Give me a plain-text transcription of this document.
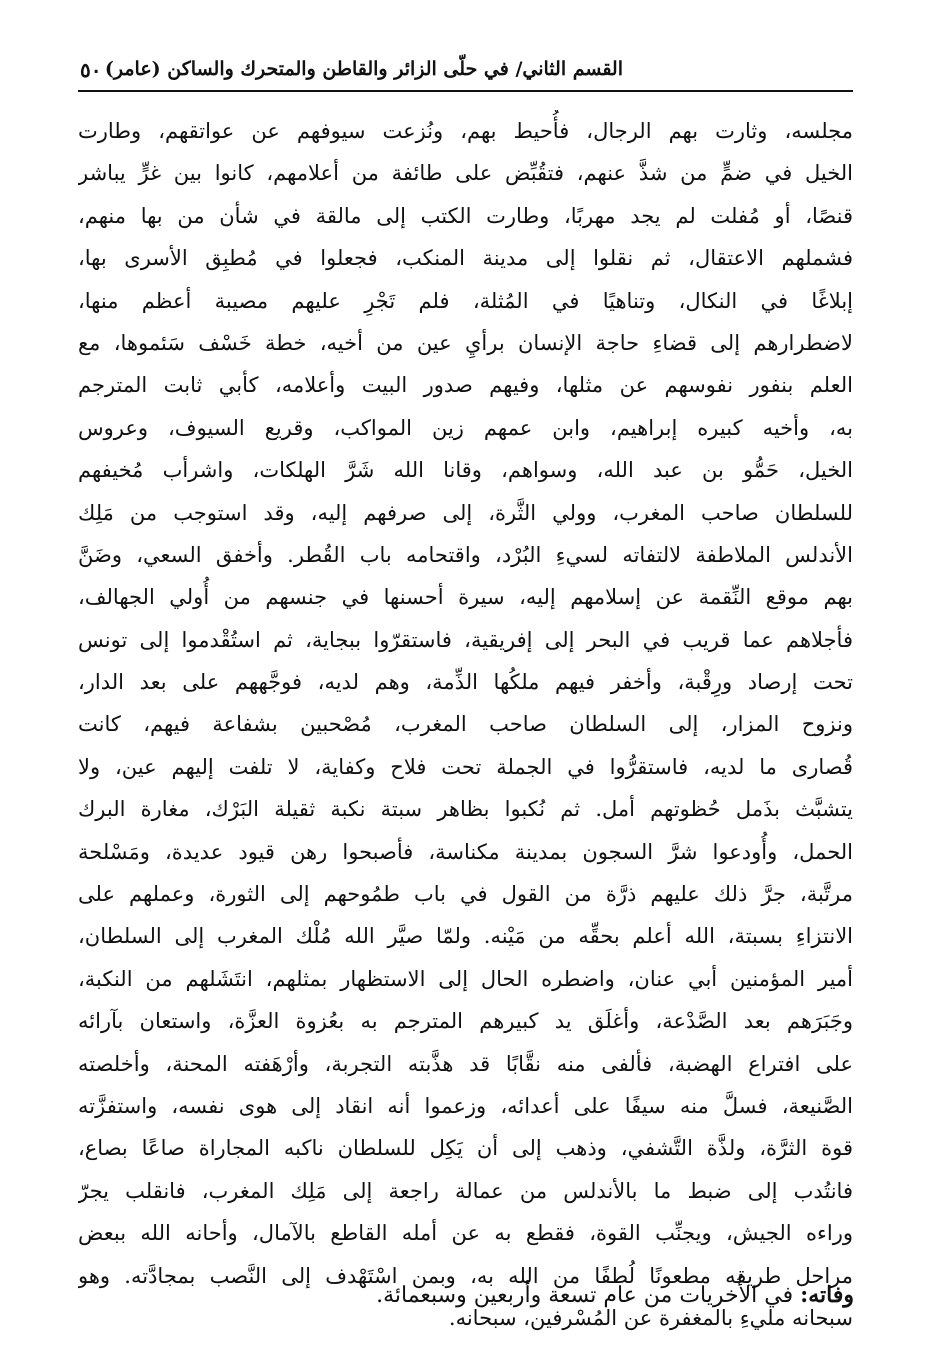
القسم الثاني/ في حلّى الزائر والقاطن والمتحرك والساكن (عامر)
٥٠
مجلسه، وثارت بهم الرجال، فأُحيط بهم، ونُزعت سيوفهم عن عواتقهم، وطارت
الخيل في ضمٍّ من شذَّ عنهم، فتقُبِّض على طائفة من أعلامهم، كانوا بين غرٍّ يباشر
قنصًا، أو مُفلت لم يجد مهربًا، وطارت الكتب إلى مالقة في شأن من بها منهم،
فشملهم الاعتقال، ثم نقلوا إلى مدينة المنكب، فجعلوا في مُطبِق الأسرى بها،
إبلاغًا في النكال، وتناهيًا في المُثلة، فلم تَجْرِ عليهم مصيبة أعظم منها،
لاضطرارهم إلى قضاءِ حاجة الإنسان برأيِ عين من أخيه، خطة خَسْف سَئموها، مع
العلم بنفور نفوسهم عن مثلها، وفيهم صدور البيت وأعلامه، كأبي ثابت المترجم
به، وأخيه كبيره إبراهيم، وابن عمهم زين المواكب، وقريع السيوف، وعروس
الخيل، حَمُّو بن عبد الله، وسواهم، وقانا الله شَرَّ الهلكات، واشرأب مُخيفهم
للسلطان صاحب المغرب، وولي الثَّرة، إلى صرفهم إليه، وقد استوجب من مَلِك
الأندلس الملاطفة لالتفاته لسيءِ البُرْد، واقتحامه باب القُطر. وأخفق السعي، وضَنَّ
بهم موقع النِّقمة عن إسلامهم إليه، سيرة أحسنها في جنسهم من أُولي الجهالف،
فأجلاهم عما قريب في البحر إلى إفريقية، فاستقرّوا ببجاية، ثم استُقْدموا إلى تونس
تحت إرصاد ورِقْبة، وأخفر فيهم ملكُها الذِّمة، وهم لديه، فوجَّههم على بعد الدار،
ونزوح المزار، إلى السلطان صاحب المغرب، مُصْحبين بشفاعة فيهم، كانت
قُصارى ما لديه، فاستقرُّوا في الجملة تحت فلاح وكفاية، لا تلفت إليهم عين، ولا
يتشبَّث بذَمل حُظوتهم أمل. ثم نُكبوا بظاهر سبتة نكبة ثقيلة البَرْك، مغارة البرك
الحمل، وأُودعوا شرَّ السجون بمدينة مكناسة، فأصبحوا رهن قيود عديدة، ومَسْلحة
مرتَّبة، جرَّ ذلك عليهم ذرَّة من القول في باب طمُوحهم إلى الثورة، وعملهم على
الانتزاءِ بسبتة، الله أعلم بحقِّه من مَيْنه. ولمّا صيَّر الله مُلْك المغرب إلى السلطان،
أمير المؤمنين أبي عنان، واضطره الحال إلى الاستظهار بمثلهم، انتَشَلهم من النكبة،
وجَبَرَهم بعد الصَّدْعة، وأغلَق يد كبيرهم المترجم به بعُزوة العزَّة، واستعان بآرائه
على افتراع الهضبة، فألفى منه نقَّابًا قد هذَّبته التجربة، وأرْهَفته المحنة، وأخلصته
الصَّنيعة، فسلَّ منه سيفًا على أعدائه، وزعموا أنه انقاد إلى هوى نفسه، واستفزَّته
قوة الثرَّة، ولذَّة التَّشفي، وذهب إلى أن يَكِل للسلطان ناكبه المجاراة صاعًا بصاع،
فانتُدب إلى ضبط ما بالأندلس من عمالة راجعة إلى مَلِك المغرب، فانقلب يجرّ
وراءه الجيش، ويجنِّب القوة، فقطع به عن أمله القاطع بالآمال، وأحانه الله ببعض
مراحل طريقه مطعونًا لُطفًا من الله به، وبمن اسْتَهْدف إلى النَّصب بمجادَّته. وهو
سبحانه مليءِ بالمغفرة عن المُسْرفين، سبحانه.
وفاته: في الأُخريات من عام تسعة وأربعين وسبعمائة.
